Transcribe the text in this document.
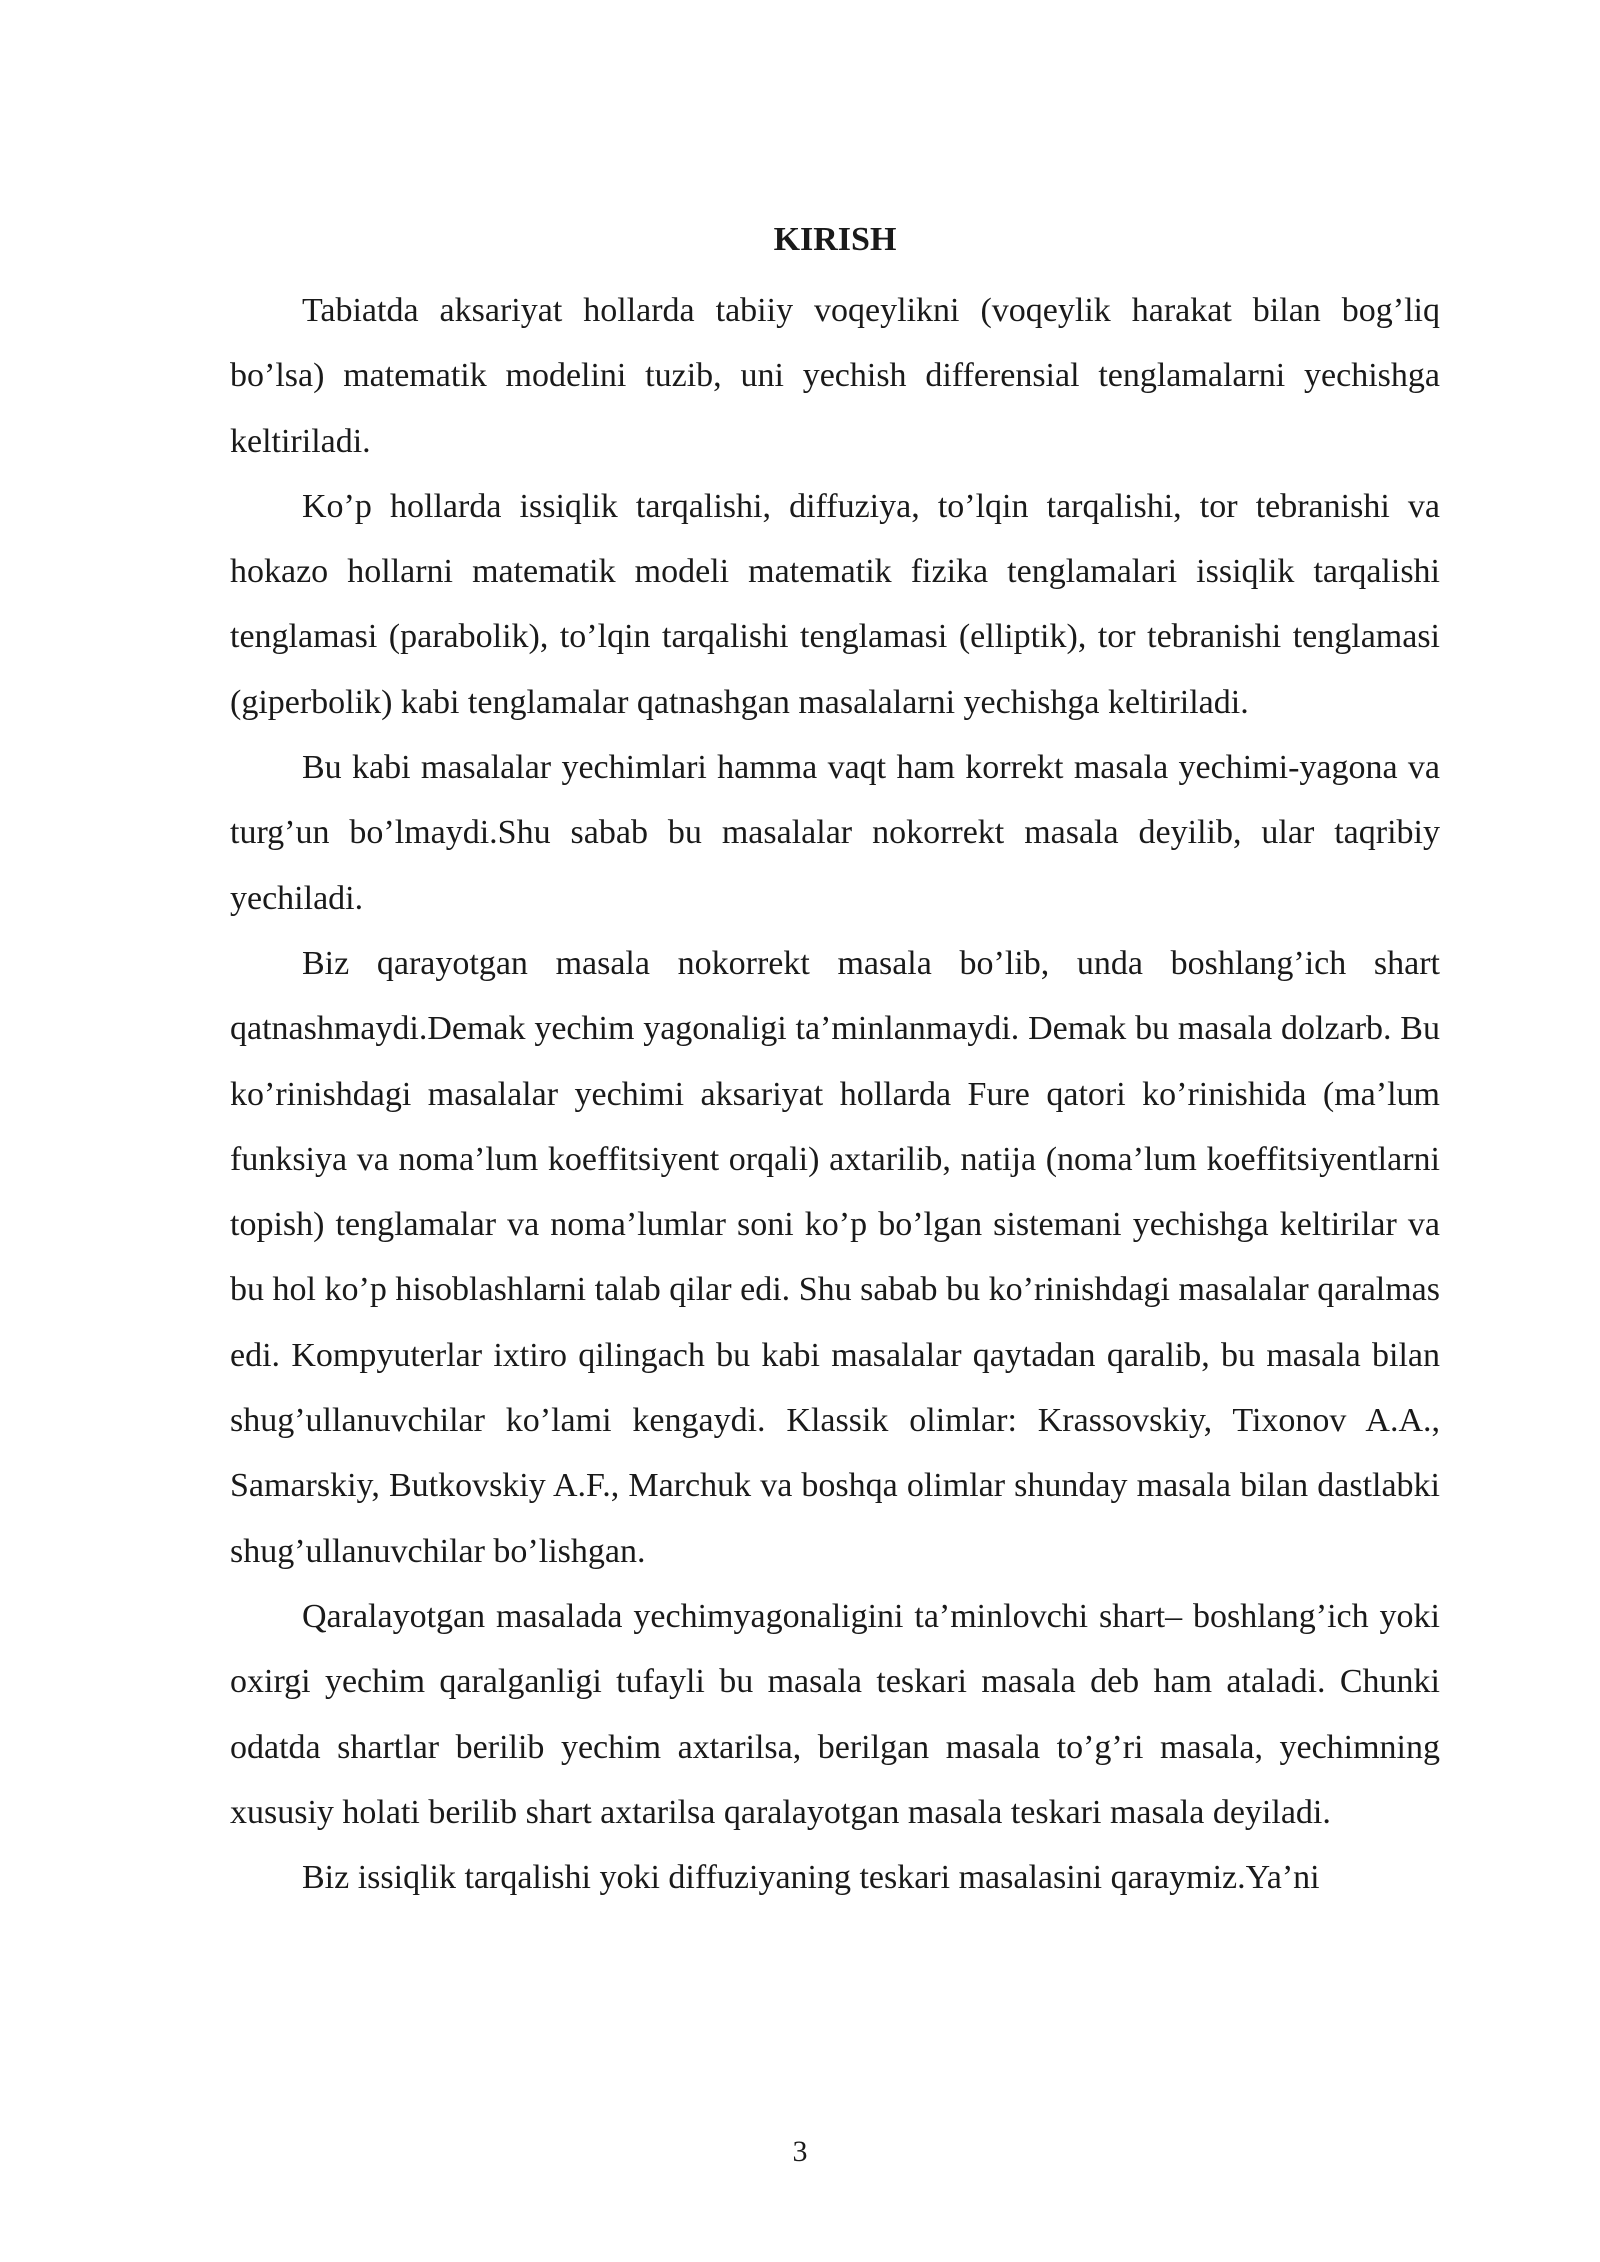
KIRISH

Tabiatda aksariyat hollarda tabiiy voqeylikni (voqeylik harakat bilan bog’liq bo’lsa) matematik modelini tuzib, uni yechish differensial tenglamalarni yechishga keltiriladi.

Ko’p hollarda issiqlik tarqalishi, diffuziya, to’lqin tarqalishi, tor tebranishi va hokazo hollarni matematik modeli matematik fizika tenglamalari issiqlik tarqalishi tenglamasi (parabolik), to’lqin tarqalishi tenglamasi (elliptik), tor tebranishi tenglamasi (giperbolik) kabi tenglamalar qatnashgan masalalarni yechishga keltiriladi.

Bu kabi masalalar yechimlari hamma vaqt ham korrekt masala yechimi-yagona va turg’un bo’lmaydi.Shu sabab bu masalalar nokorrekt masala deyilib, ular taqribiy yechiladi.

Biz qarayotgan masala nokorrekt masala bo’lib, unda boshlang’ich shart qatnashmaydi.Demak yechim yagonaligi ta’minlanmaydi. Demak bu masala dolzarb. Bu ko’rinishdagi masalalar yechimi aksariyat hollarda Fure qatori ko’rinishida (ma’lum funksiya va noma’lum koeffitsiyent orqali) axtarilib, natija (noma’lum koeffitsiyentlarni topish) tenglamalar va noma’lumlar soni ko’p bo’lgan sistemani yechishga keltirilar va bu hol ko’p hisoblashlarni talab qilar edi. Shu sabab bu ko’rinishdagi masalalar qaralmas edi. Kompyuterlar ixtiro qilingach bu kabi masalalar qaytadan qaralib, bu masala bilan shug’ullanuvchilar ko’lami kengaydi. Klassik olimlar: Krassovskiy, Tixonov A.A., Samarskiy, Butkovskiy A.F., Marchuk va boshqa olimlar shunday masala bilan dastlabki shug’ullanuvchilar bo’lishgan.

Qaralayotgan masalada yechimyagonaligini ta’minlovchi shart– boshlang’ich yoki oxirgi yechim qaralganligi tufayli bu masala teskari masala deb ham ataladi. Chunki odatda shartlar berilib yechim axtarilsa, berilgan masala to’g’ri masala, yechimning xususiy holati berilib shart axtarilsa qaralayotgan masala teskari masala deyiladi.

Biz issiqlik tarqalishi yoki diffuziyaning teskari masalasini qaraymiz.Ya’ni

3
